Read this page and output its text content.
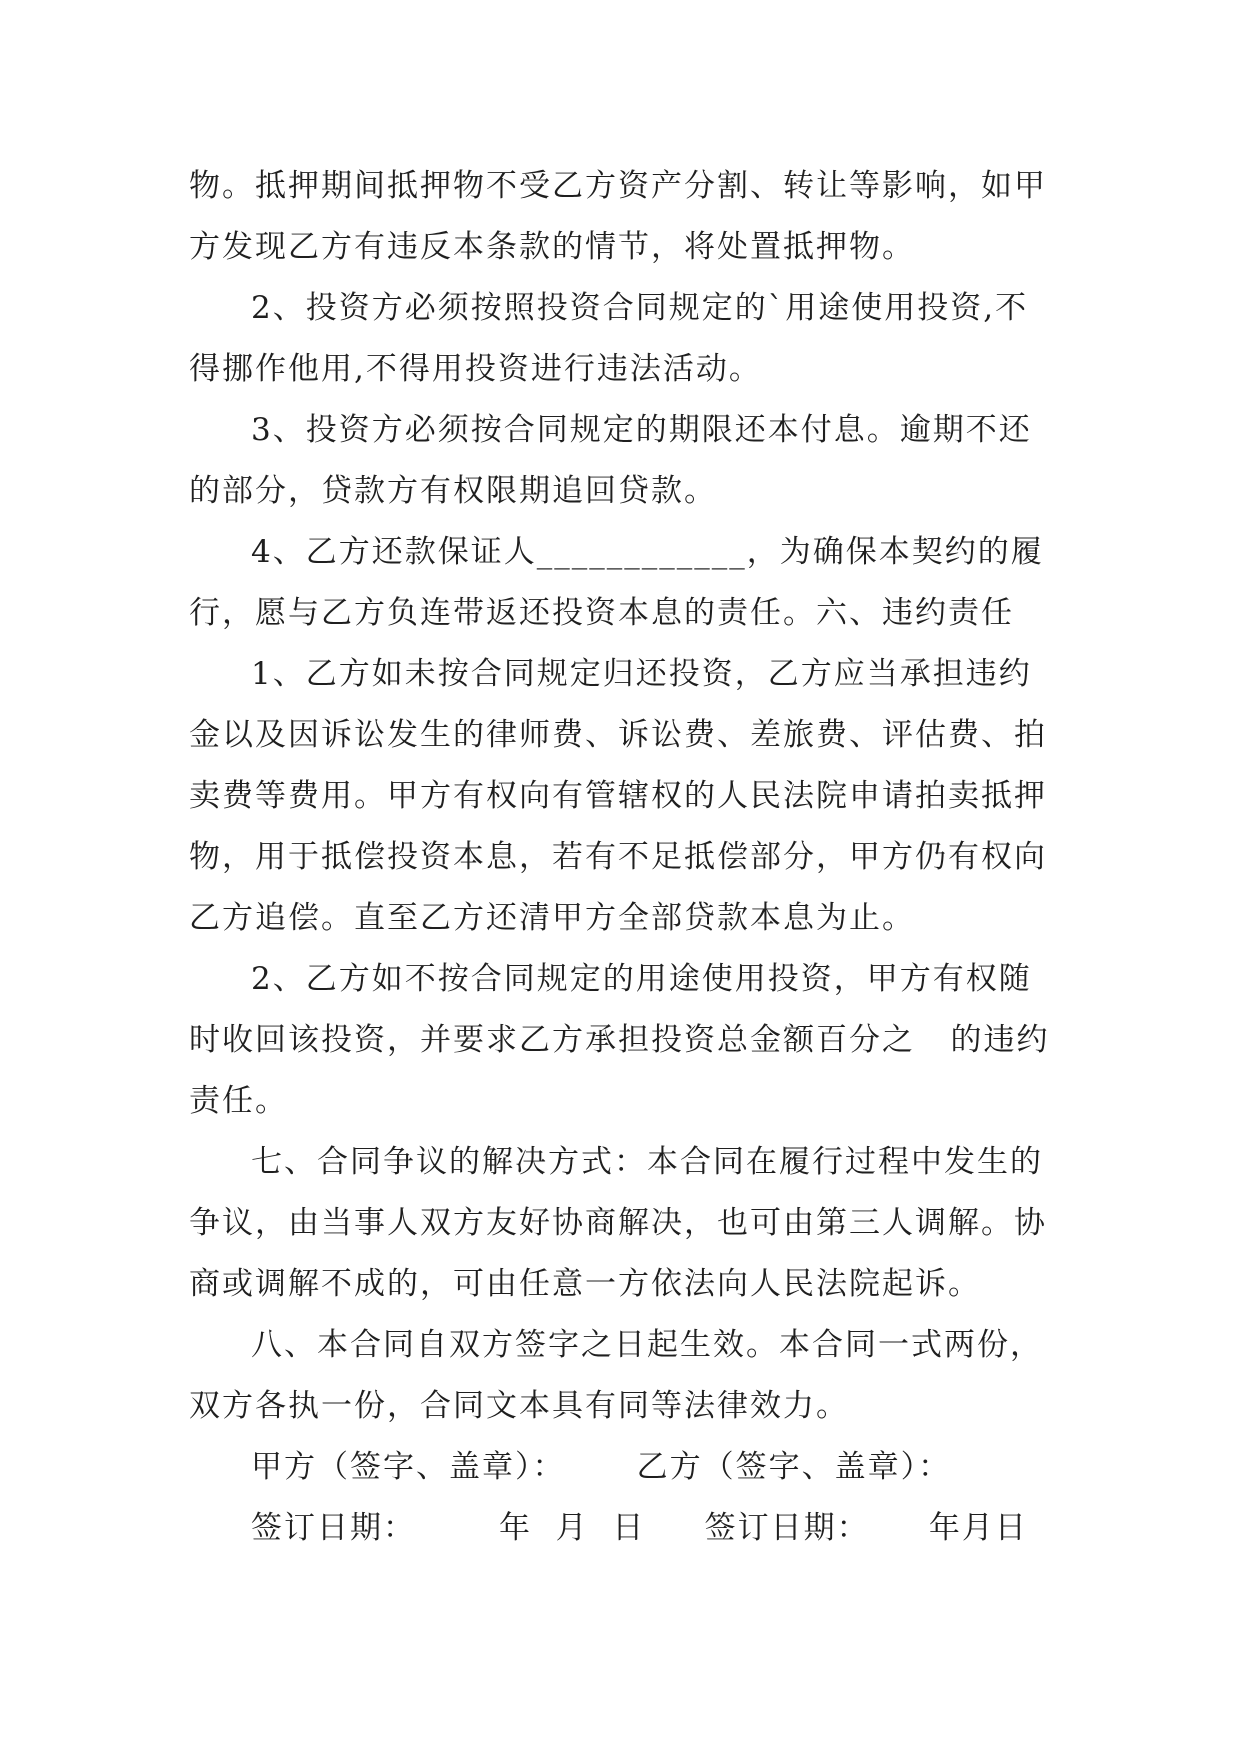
物。抵押期间抵押物不受乙方资产分割、转让等影响，如甲
方发现乙方有违反本条款的情节，将处置抵押物。
2、投资方必须按照投资合同规定的`用途使用投资,不
得挪作他用,不得用投资进行违法活动。
3、投资方必须按合同规定的期限还本付息。逾期不还
的部分，贷款方有权限期追回贷款。
4、乙方还款保证人____________，为确保本契约的履
行，愿与乙方负连带返还投资本息的责任。六、违约责任
1、乙方如未按合同规定归还投资，乙方应当承担违约
金以及因诉讼发生的律师费、诉讼费、差旅费、评估费、拍
卖费等费用。甲方有权向有管辖权的人民法院申请拍卖抵押
物，用于抵偿投资本息，若有不足抵偿部分，甲方仍有权向
乙方追偿。直至乙方还清甲方全部贷款本息为止。
2、乙方如不按合同规定的用途使用投资，甲方有权随
时收回该投资，并要求乙方承担投资总金额百分之   的违约
责任。
七、合同争议的解决方式：本合同在履行过程中发生的
争议，由当事人双方友好协商解决，也可由第三人调解。协
商或调解不成的，可由任意一方依法向人民法院起诉。
八、本合同自双方签字之日起生效。本合同一式两份，
双方各执一份，合同文本具有同等法律效力。
甲方（签字、盖章）：      乙方（签字、盖章）：
签订日期：       年  月  日     签订日期：     年月日
